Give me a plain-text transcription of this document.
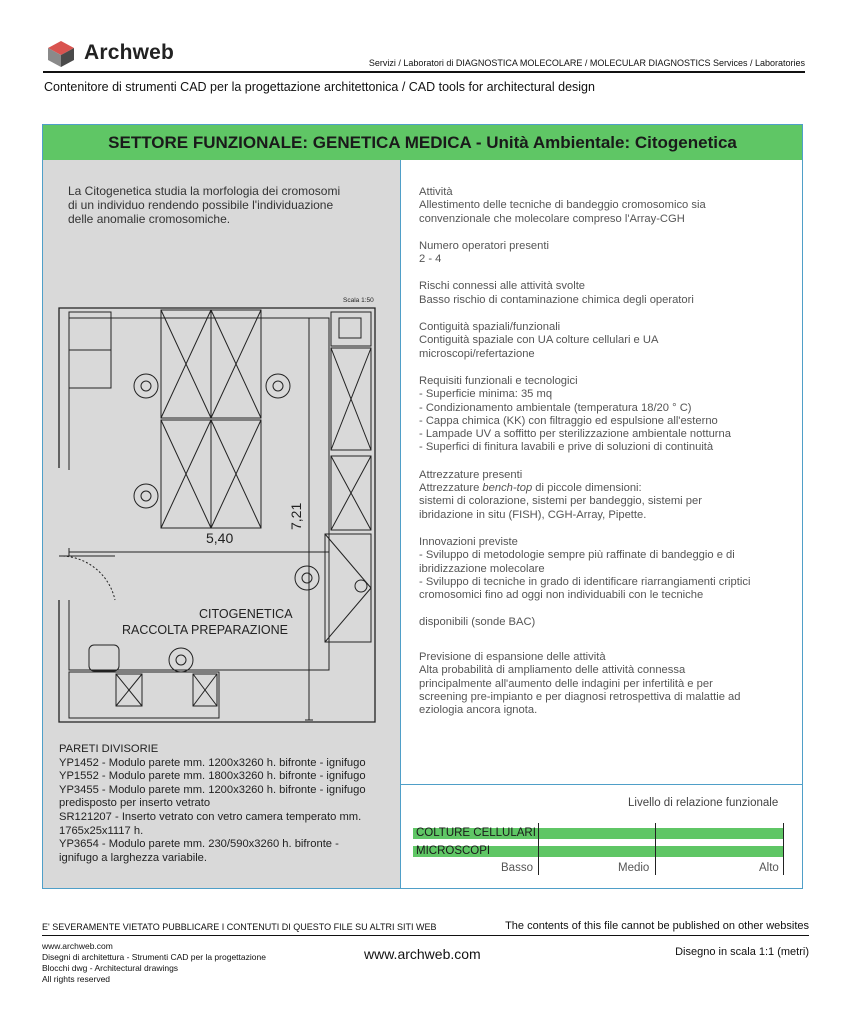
Archweb	Servizi / Laboratori di DIAGNOSTICA MOLECOLARE / MOLECULAR DIAGNOSTICS Services / Laboratories
Contenitore di strumenti CAD per la progettazione architettonica / CAD tools for architectural design
SETTORE FUNZIONALE: GENETICA MEDICA - Unità Ambientale: Citogenetica
La Citogenetica studia la morfologia dei cromosomi
di un individuo rendendo possibile l'individuazione
delle anomalie cromosomiche.
Scala 1:50
5,40
7,21
CITOGENETICA
RACCOLTA PREPARAZIONE
PARETI DIVISORIE
YP1452 - Modulo parete mm. 1200x3260 h. bifronte - ignifugo
YP1552 - Modulo parete mm. 1800x3260 h. bifronte - ignifugo
YP3455 - Modulo parete mm. 1200x3260 h. bifronte - ignifugo
predisposto per inserto vetrato
SR121207 - Inserto vetrato con vetro camera temperato mm.
1765x25x1117 h.
YP3654 - Modulo parete mm. 230/590x3260 h. bifronte -
ignifugo a larghezza variabile.
Attività
Allestimento delle tecniche di bandeggio cromosomico sia
convenzionale che molecolare compreso l'Array-CGH
Numero operatori presenti
2 - 4
Rischi connessi alle attività svolte
Basso rischio di contaminazione chimica degli operatori
Contiguità spaziali/funzionali
Contiguità spaziale con UA colture cellulari e UA
microscopi/refertazione
Requisiti funzionali e tecnologici
- Superficie minima: 35 mq
- Condizionamento ambientale (temperatura 18/20 ° C)
- Cappa chimica (KK) con filtraggio ed espulsione all'esterno
- Lampade UV a soffitto per sterilizzazione ambientale notturna
- Superfici di finitura lavabili e prive di soluzioni di continuità
Attrezzature presenti
Attrezzature bench-top di piccole dimensioni:
sistemi di colorazione, sistemi per bandeggio, sistemi per
ibridazione in situ (FISH), CGH-Array, Pipette.
Innovazioni previste
- Sviluppo di metodologie sempre più raffinate di bandeggio e di
ibridizzazione molecolare
- Sviluppo di tecniche in grado di identificare riarrangiamenti criptici
cromosomici fino ad oggi non individuabili con le tecniche

disponibili (sonde BAC)
Previsione di espansione delle attività
Alta probabilità di ampliamento delle attività connessa
principalmente all'aumento delle indagini per infertilità e per
screening pre-impianto e per diagnosi retrospettiva di malattie ad
eziologia ancora ignota.
Livello di relazione funzionale
COLTURE CELLULARI
MICROSCOPI
Basso	Medio	Alto
E' SEVERAMENTE VIETATO PUBBLICARE I CONTENUTI DI QUESTO FILE SU ALTRI SITI WEB	The contents of this file cannot be published on other websites
www.archweb.com
Disegni di architettura - Strumenti CAD per la progettazione
Blocchi dwg - Architectural drawings
All rights reserved
www.archweb.com	Disegno in scala 1:1 (metri)
